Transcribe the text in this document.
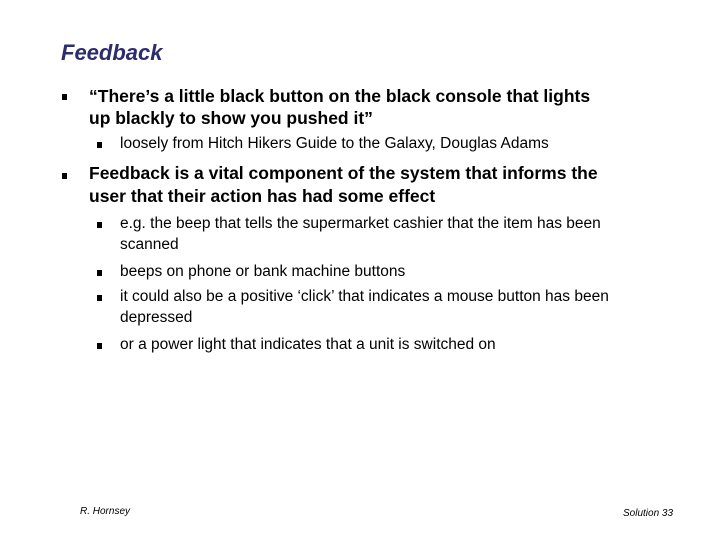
Feedback
“There’s a little black button on the black console that lights
up blackly to show you pushed it”
loosely from Hitch Hikers Guide to the Galaxy, Douglas Adams
Feedback is a vital component of the system that informs the
user that their action has had some effect
e.g. the beep that tells the supermarket cashier that the item has been
scanned
beeps on phone or bank machine buttons
it could also be a positive ‘click’ that indicates a mouse button has been
depressed
or a power light that indicates that a unit is switched on
R. Hornsey	Solution 33
